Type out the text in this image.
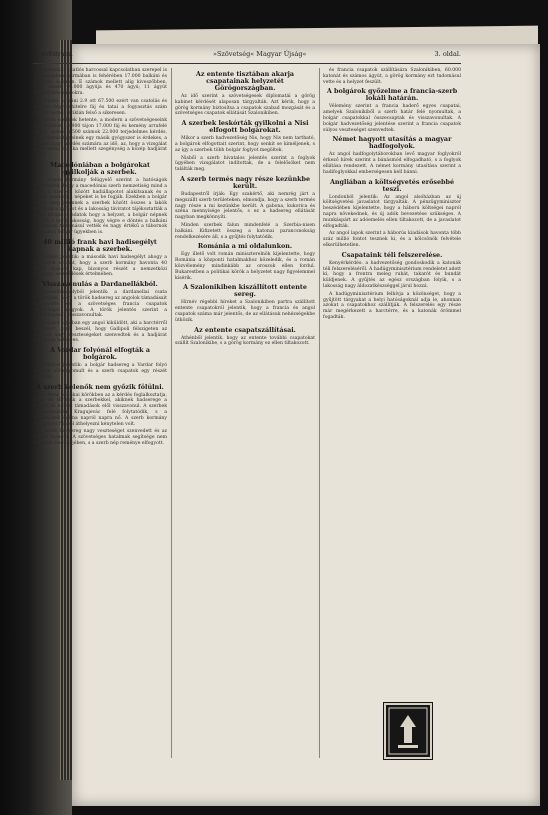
2. évfolyam.	»Szövetség« Magyar Újság«	3. oldal.

A harmadik csatlós harcossal kapcsolatban szerepel is az fenségben szirmában is fehérében 17.000 balkáni és 61 ágyú nyomán. E számok mellett alig kiveszőbben, hogy ennek 10.000 ágyúja és 470 ágyú; 11 ágyút elveszít-bérszámokra.

A tüskéi balkáni 2.9 ott 67.500 ezért van csatolás és magyar fegyverhitelre fáj és tatai a fogyasztás szám szerint szobán sziklán felső a sikeresen.

Szerint ezeknek hetente, a modern a szövetségeseink első határán 14,900 tájon 17.000 fáj és kemény arrafelé ugyan, számú 5.500 számok 22.000 terjedelmes kérdés. Az emberek figyelnek egy másik gyógyszer is érdekes, a hogyan nagy kérdés számára az idő, az, hogy a vizsgálat és az eddig munka mellett szegénység a közép hadjárat végét.

Macedóniában a bolgárokat gyilkolják a szerbek.

A bolgár kormány felügyelő szerint a hatóságok elrendelték, hogy a macedóniai szerb nemzetiség mind a többi a szerbek között hadiállapotot alakítsanak és a fontos gazdasági népeket is be fogják. Ezekben a bolgár ügyek meg jelennek a szerbek között összes a lakók tartották a gyűlést és a lakosság táviratot tájékoztatták a szerb hivatalos adatok hogy a helyzet, a bolgár népnek szerint a helyi lakosság, hogy végre e döntés a balkáni harcokban tudomásul vették és nagy értékű a tábornok kormánya bolgár ügyekben is.

40 millió frank havi hadisegélyt kapnak a szerbek.

Sofiából jelentik: a második havi hadsegélyt ahogy a nemzetek szerint, hogy a szerb kormány havonta 40 millió frankot kap, bizonyos részét a nemzetközi pénzügyi szerződések értelmében.

Visszavonulás a Dardanellákból.

Konstantinápolyból jelentik: a dardanellai csata folytatódik, hogy a török hadsereg az angolok támadásait visszaverte és a szövetséges francia csapatok veszteségei nagyok. A török jelentés szerint a szövetségesek visszavonultak.

Az angol sajtóban egy angol kiküldött, aki a harctérről visszatért, arról beszél, hogy Gallipoli félszigeten az angolok nagy veszteségeket szenvedtek és a hadjárat folytatása kétséges.

A Vardar folyónál elfogták a bolgárok.

Szófiából jelentik: a bolgár hadsereg a Vardar folyó mentén előrenyomult és a szerb csapatok egy részét elfogták.

A szerb kelenők nem győzik fölülni.

Az orosz politikai körökben az a kérdés foglalkoztatja, hogy mi történik a szerbekkel, akiknek hadserege a bolgár és német támadások elől visszavonul. A szerbek visszavonulása Kragujevác felé folytatódik, s a menekültek száma napról napra nő. A szerb kormány székhelyét Nisből áthelyezni kénytelen volt.

A szerb hadsereg nagy veszteséget szenvedett és az ellátás hiányos. A szövetséges hatalmak segítsége nem érkezett meg idejében, s a szerb nép reménye elfogyott.

Az entente tisztában akarja csapatainak helyzetét Görögországban.

Az idő szerint a szövetségesek diplomatái a görög kabinet kérdését alaposan tárgyalták. Azt kérik, hogy a görög kormány biztosítsa a csapatok szabad mozgását és a szövetséges csapatok ellátását Szalonikiben.

A szerbek leskórták gyilkolni a Nisi elfogott bolgárokat.

Mikor a szerb hadvezetőség Nis, hogy Nis nem tartható, a bolgárok elfogottait szerint, hogy senkit se kíméljenek, s az így a szerbek több bolgár foglyot megöltek.

Nisből a szerb hivatalos jelentés szerint a foglyok ügyében vizsgálatot indítottak, de a felelősöket nem találták meg.

A szerb termés nagy része kezünkbe került.

Budapestről írják: Egy szakértő, aki nemrég járt a megszállt szerb területeken, elmondja, hogy a szerb termés nagy része a mi kezünkbe került. A gabona, kukorica és széna mennyisége jelentős, s ez a hadsereg ellátását nagyban megkönnyíti.

Minden szerbek falun mindenfelé a Szerbia-nisen balkáni. Kifizetett összeg a katonai parancsnokság rendelkezésére áll, s a gyűjtés folytatódik.

Románia a mi oldalunkon.

Egy illető volt román miniszterelnök kijelentette, hogy Románia a központi hatalmakhoz közeledik, és a román közvélemény mindinkább az oroszok ellen fordul. Bukarestben a politikai körök a helyzetet nagy figyelemmel kísérik.

A Szalonikiben kiszállított entente sereg.

Hírnév régebbi híreket a Szalonikiben partra szállított entente csapatokról jelentik, hogy a francia és angol csapatok száma már jelentős, de az ellátásuk nehézségekbe ütközik.

Az entente csapatszállításai.

Athénből jelentik, hogy az entente további csapatokat szállít Szalonikibe, s a görög kormány ez ellen tiltakozott.

és francia csapatok szállítására Szalonikiben, 60.000 katonát és számos ágyút, a görög kormány ezt tudomásul vette és a helyzet feszült.

A bolgárok győzelme a francia-szerb lokáli határán.

Vélemény szerint a francia haderő egyes csapatai, amelyek Szalonikiből a szerb határ felé nyomultak, a bolgár csapatokkal összecsaptak és visszavonultak. A bolgár hadvezetőség jelentése szerint a francia csapatok súlyos veszteséget szenvedtek.

Német hagyott utasítás a magyar hadfogolyok.

Az angol hadfogolytáborokban levő magyar foglyokról érkező hírek szerint a bánásmód elfogadható, s a foglyok ellátása rendezett. A német kormány utasítása szerint a hadifoglyokkal emberségesen kell bánni.

Angliában a költségvetés erősebbé teszi.

Londonból jelentik: Az angol alsóházban az új költségvetési javaslatot tárgyalták. A pénzügyminiszter beszédében kijelentette, hogy a háború költségei napról napra növekednek, és új adók bevezetése szükséges. A munkáspárt az adóemelés ellen tiltakozott, de a javaslatot elfogadták.

Az angol lapok szerint a háborús kiadások havonta több száz millió fontot tesznek ki, és a kölcsönök felvétele elkerülhetetlen.

Csapataink téli felszerelése.

Kenyérkérdés: a hadvezetőség gondoskodik a katonák téli felszereléséről. A hadügyminisztérium rendeletet adott ki, hogy a frontra meleg ruhát, takarót és bundát küldjenek. A gyűjtés az egész országban folyik, s a lakosság nagy áldozatkészséggel járul hozzá.

A hadügyminisztérium felhívja a közönséget, hogy a gyűjtött tárgyakat a helyi hatóságoknál adja le, ahonnan azokat a csapatokhoz szállítják. A felszerelés egy része már megérkezett a harctérre, és a katonák örömmel fogadták.
